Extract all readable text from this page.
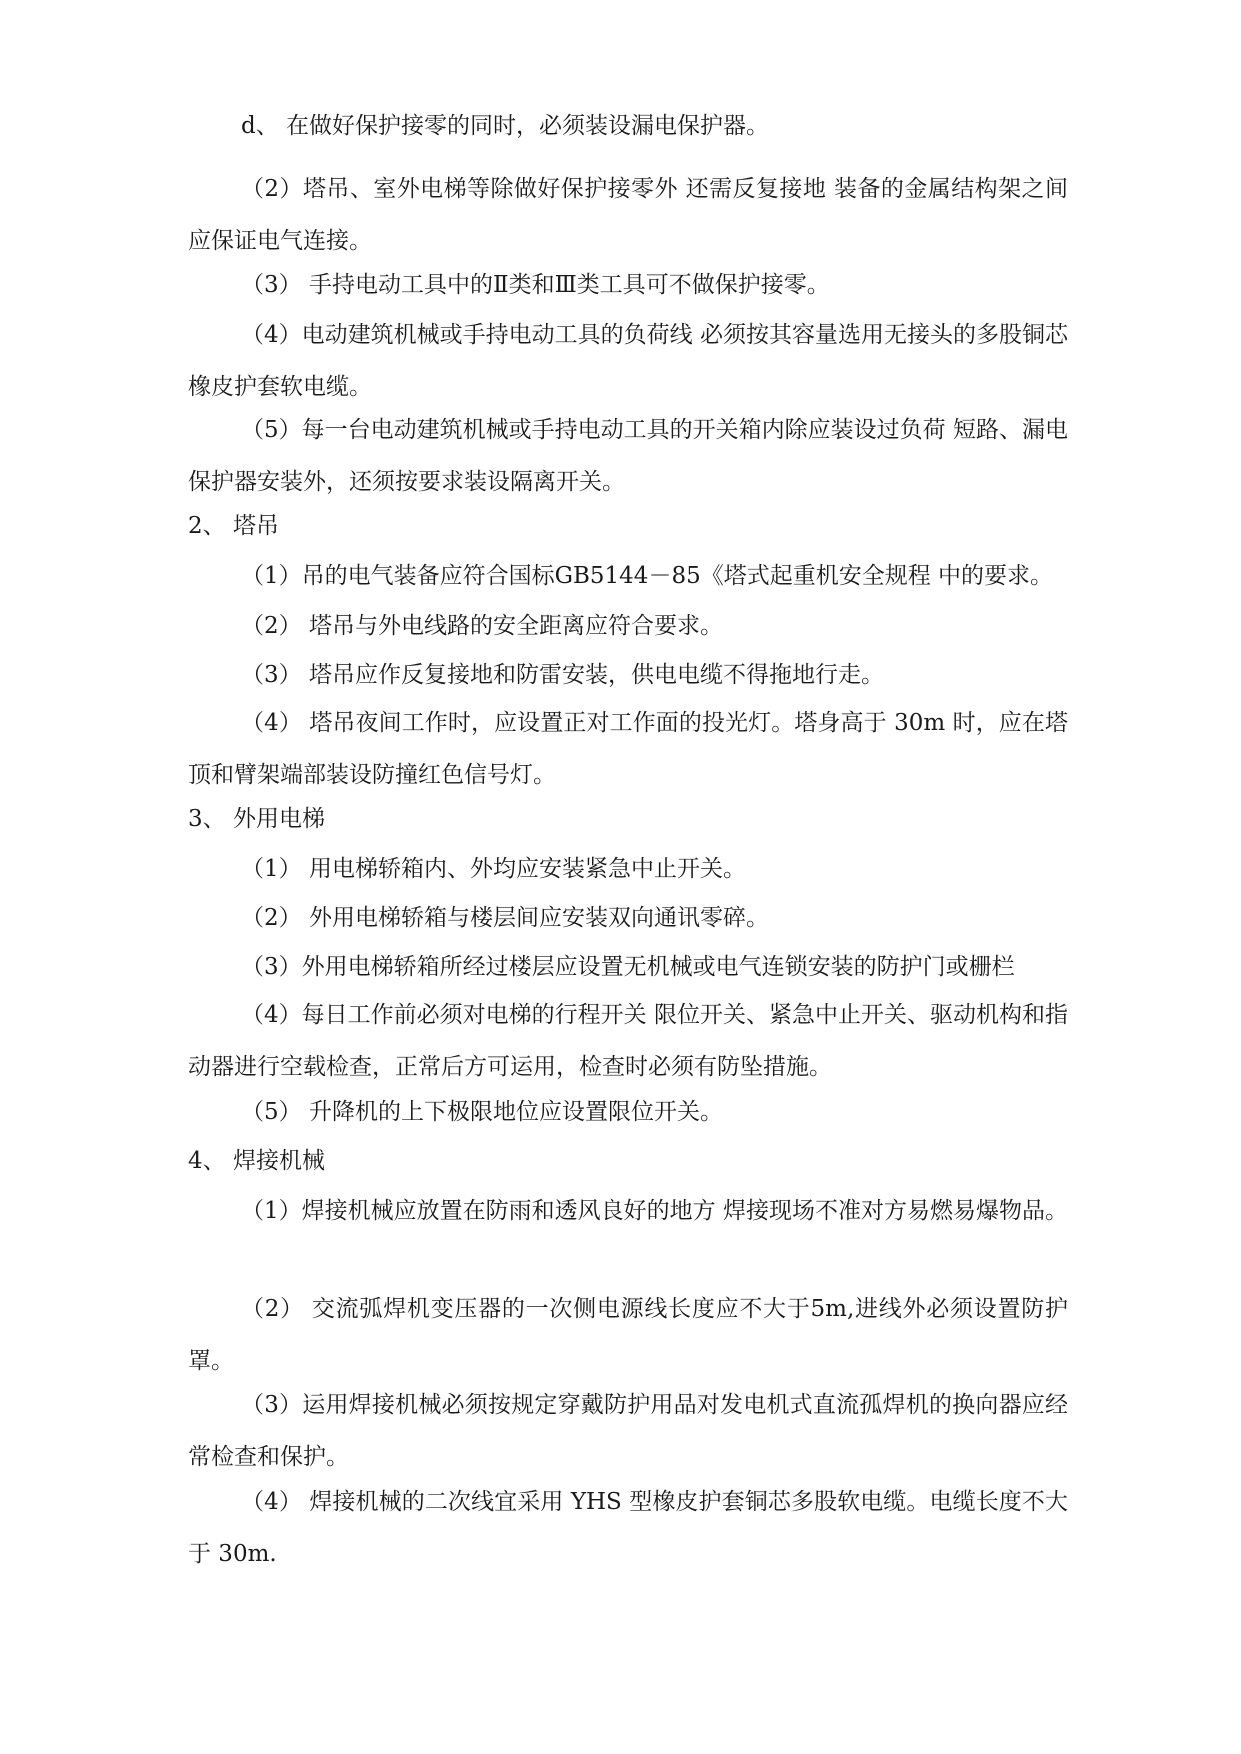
d、 在做好保护接零的同时，必须装设漏电保护器。

（2）塔吊、室外电梯等除做好保护接零外 还需反复接地 装备的金属结构架之间应保证电气连接。

（3） 手持电动工具中的Ⅱ类和Ⅲ类工具可不做保护接零。

（4）电动建筑机械或手持电动工具的负荷线 必须按其容量选用无接头的多股铜芯橡皮护套软电缆。

（5）每一台电动建筑机械或手持电动工具的开关箱内除应装设过负荷 短路、漏电保护器安装外，还须按要求装设隔离开关。

2、 塔吊

（1）吊的电气装备应符合国标GB5144－85《塔式起重机安全规程 中的要求。

（2） 塔吊与外电线路的安全距离应符合要求。

（3） 塔吊应作反复接地和防雷安装，供电电缆不得拖地行走。

（4） 塔吊夜间工作时，应设置正对工作面的投光灯。塔身高于 30m 时，应在塔顶和臂架端部装设防撞红色信号灯。

3、 外用电梯

（1） 用电梯轿箱内、外均应安装紧急中止开关。

（2） 外用电梯轿箱与楼层间应安装双向通讯零碎。

（3）外用电梯轿箱所经过楼层应设置无机械或电气连锁安装的防护门或栅栏

（4）每日工作前必须对电梯的行程开关 限位开关、紧急中止开关、驱动机构和指动器进行空载检查，正常后方可运用，检查时必须有防坠措施。

（5） 升降机的上下极限地位应设置限位开关。

4、 焊接机械

（1）焊接机械应放置在防雨和透风良好的地方 焊接现场不准对方易燃易爆物品。

（2） 交流弧焊机变压器的一次侧电源线长度应不大于5m,进线外必须设置防护罩。

（3）运用焊接机械必须按规定穿戴防护用品对发电机式直流孤焊机的换向器应经常检查和保护。

（4） 焊接机械的二次线宜采用 YHS 型橡皮护套铜芯多股软电缆。电缆长度不大于 30m.
